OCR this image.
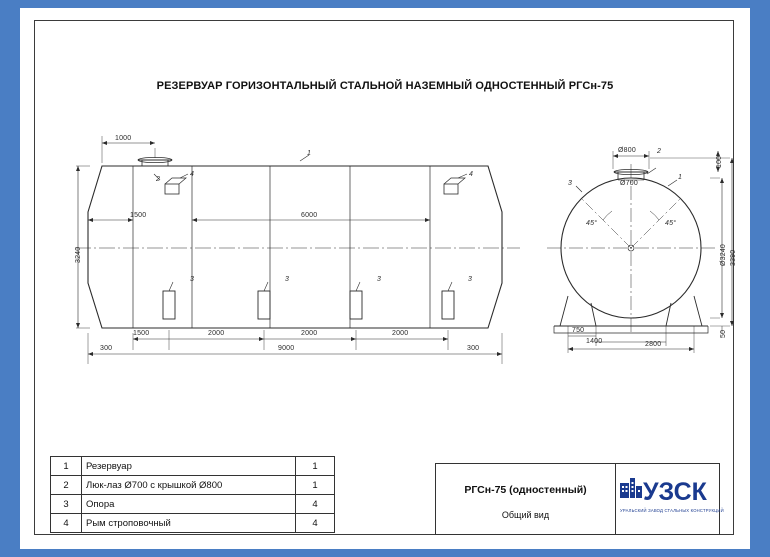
РЕЗЕРВУАР ГОРИЗОНТАЛЬНЫЙ СТАЛЬНОЙ НАЗЕМНЫЙ ОДНОСТЕННЫЙ РГСн-75
1000
1
2
4	4
3	3	3	3
1500	6000
3240
1500	2000	2000	2000
300	9000	300
Ø800	2
1
3	Ø700
100
Ø3240 3390
50
45°	45°
750
1400	2800
1	Резервуар	1
2	Люк-лаз Ø700 с крышкой Ø800	1
3	Опора	4
4	Рым строповочный	4
РГСн-75 (одностенный)
Общий вид
УЗСК
УРАЛЬСКИЙ ЗАВОД СТАЛЬНЫХ КОНСТРУКЦИЙ
